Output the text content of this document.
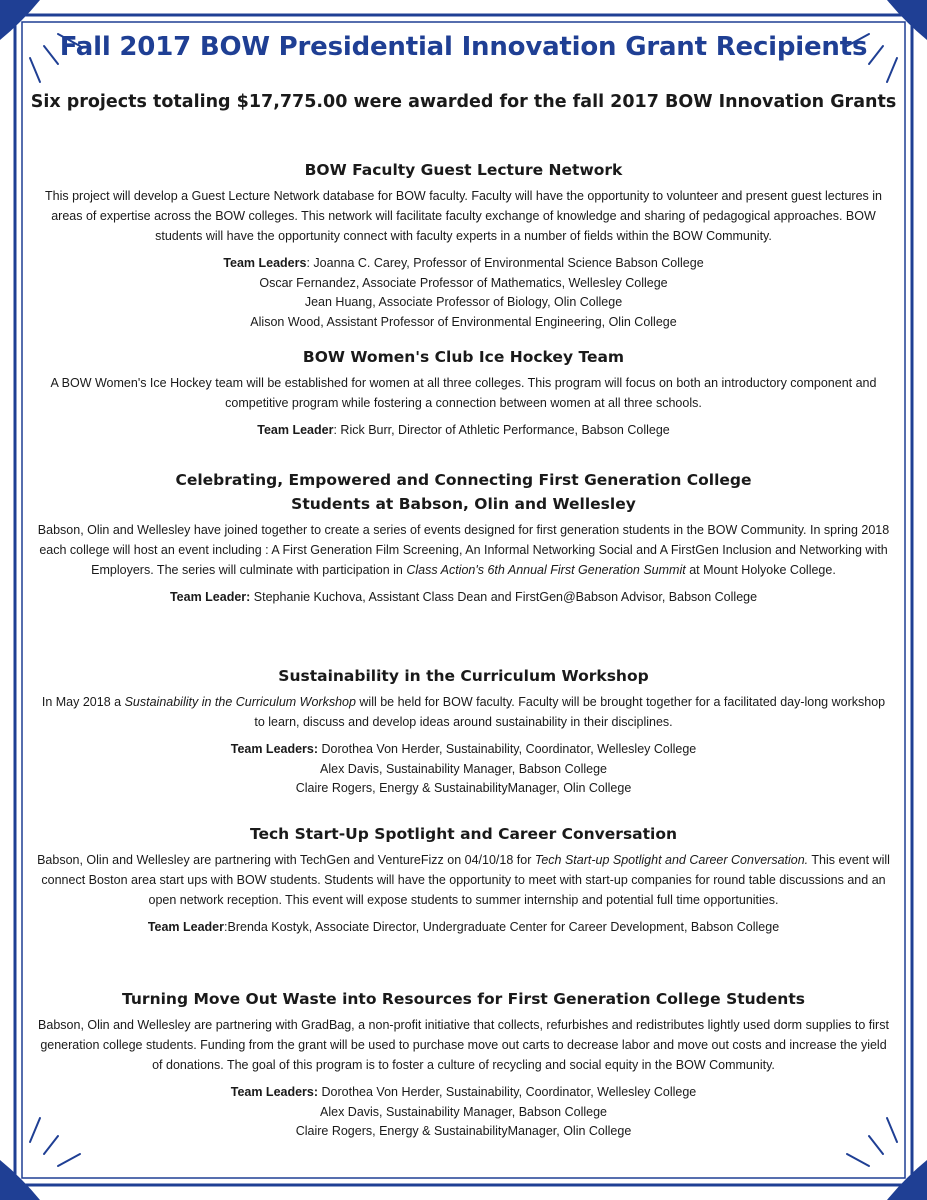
Fall 2017 BOW Presidential Innovation Grant Recipients

Six projects totaling $17,775.00 were awarded for the fall 2017 BOW Innovation Grants

BOW Faculty Guest Lecture Network

This project will develop a Guest Lecture Network database for BOW faculty. Faculty will have the opportunity to volunteer and present guest lectures in areas of expertise across the BOW colleges. This network will facilitate faculty exchange of knowledge and sharing of pedagogical approaches. BOW students will have the opportunity connect with faculty experts in a number of fields within the BOW Community.

Team Leaders: Joanna C. Carey, Professor of Environmental Science Babson College
Oscar Fernandez, Associate Professor of Mathematics, Wellesley College
Jean Huang, Associate Professor of Biology, Olin College
Alison Wood, Assistant Professor of Environmental Engineering, Olin College

BOW Women's Club Ice Hockey Team

A BOW Women's Ice Hockey team will be established for women at all three colleges. This program will focus on both an introductory component and competitive program while fostering a connection between women at all three schools.

Team Leader: Rick Burr, Director of Athletic Performance, Babson College

Celebrating, Empowered and Connecting First Generation College
Students at Babson, Olin and Wellesley

Babson, Olin and Wellesley have joined together to create a series of events designed for first generation students in the BOW Community. In spring 2018 each college will host an event including : A First Generation Film Screening, An Informal Networking Social and A FirstGen Inclusion and Networking with Employers. The series will culminate with participation in Class Action's 6th Annual First Generation Summit at Mount Holyoke College.

Team Leader: Stephanie Kuchova, Assistant Class Dean and FirstGen@Babson Advisor, Babson College

Sustainability in the Curriculum Workshop

In May 2018 a Sustainability in the Curriculum Workshop will be held for BOW faculty. Faculty will be brought together for a facilitated day-long workshop to learn, discuss and develop ideas around sustainability in their disciplines.

Team Leaders: Dorothea Von Herder, Sustainability, Coordinator, Wellesley College
Alex Davis, Sustainability Manager, Babson College
Claire Rogers, Energy & SustainabilityManager, Olin College

Tech Start-Up Spotlight and Career Conversation

Babson, Olin and Wellesley are partnering with TechGen and VentureFizz on 04/10/18 for Tech Start-up Spotlight and Career Conversation. This event will connect Boston area start ups with BOW students. Students will have the opportunity to meet with start-up companies for round table discussions and an open network reception. This event will expose students to summer internship and potential full time opportunities.

Team Leader:Brenda Kostyk, Associate Director, Undergraduate Center for Career Development, Babson College

Turning Move Out Waste into Resources for First Generation College Students

Babson, Olin and Wellesley are partnering with GradBag, a non-profit initiative that collects, refurbishes and redistributes lightly used dorm supplies to first generation college students. Funding from the grant will be used to purchase move out carts to decrease labor and move out costs and increase the yield of donations. The goal of this program is to foster a culture of recycling and social equity in the BOW Community.

Team Leaders: Dorothea Von Herder, Sustainability, Coordinator, Wellesley College
Alex Davis, Sustainability Manager, Babson College
Claire Rogers, Energy & SustainabilityManager, Olin College
